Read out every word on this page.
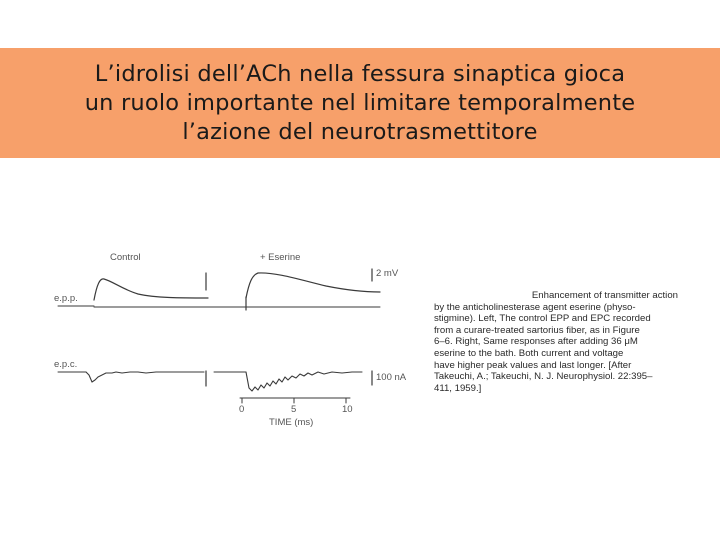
L’idrolisi dell’ACh nella fessura sinaptica gioca
un ruolo importante nel limitare temporalmente
l’azione del neurotrasmettitore
Control	+ Eserine
e.p.p.
e.p.c.
2 mV
100 nA
0	5	10
TIME (ms)
Enhancement of transmitter action
by the anticholinesterase agent eserine (physo-
stigmine). Left, The control EPP and EPC recorded
from a curare-treated sartorius fiber, as in Figure
6–6. Right, Same responses after adding 36 μM
eserine to the bath. Both current and voltage
have higher peak values and last longer. [After
Takeuchi, A.; Takeuchi, N. J. Neurophysiol. 22:395–
411, 1959.]
